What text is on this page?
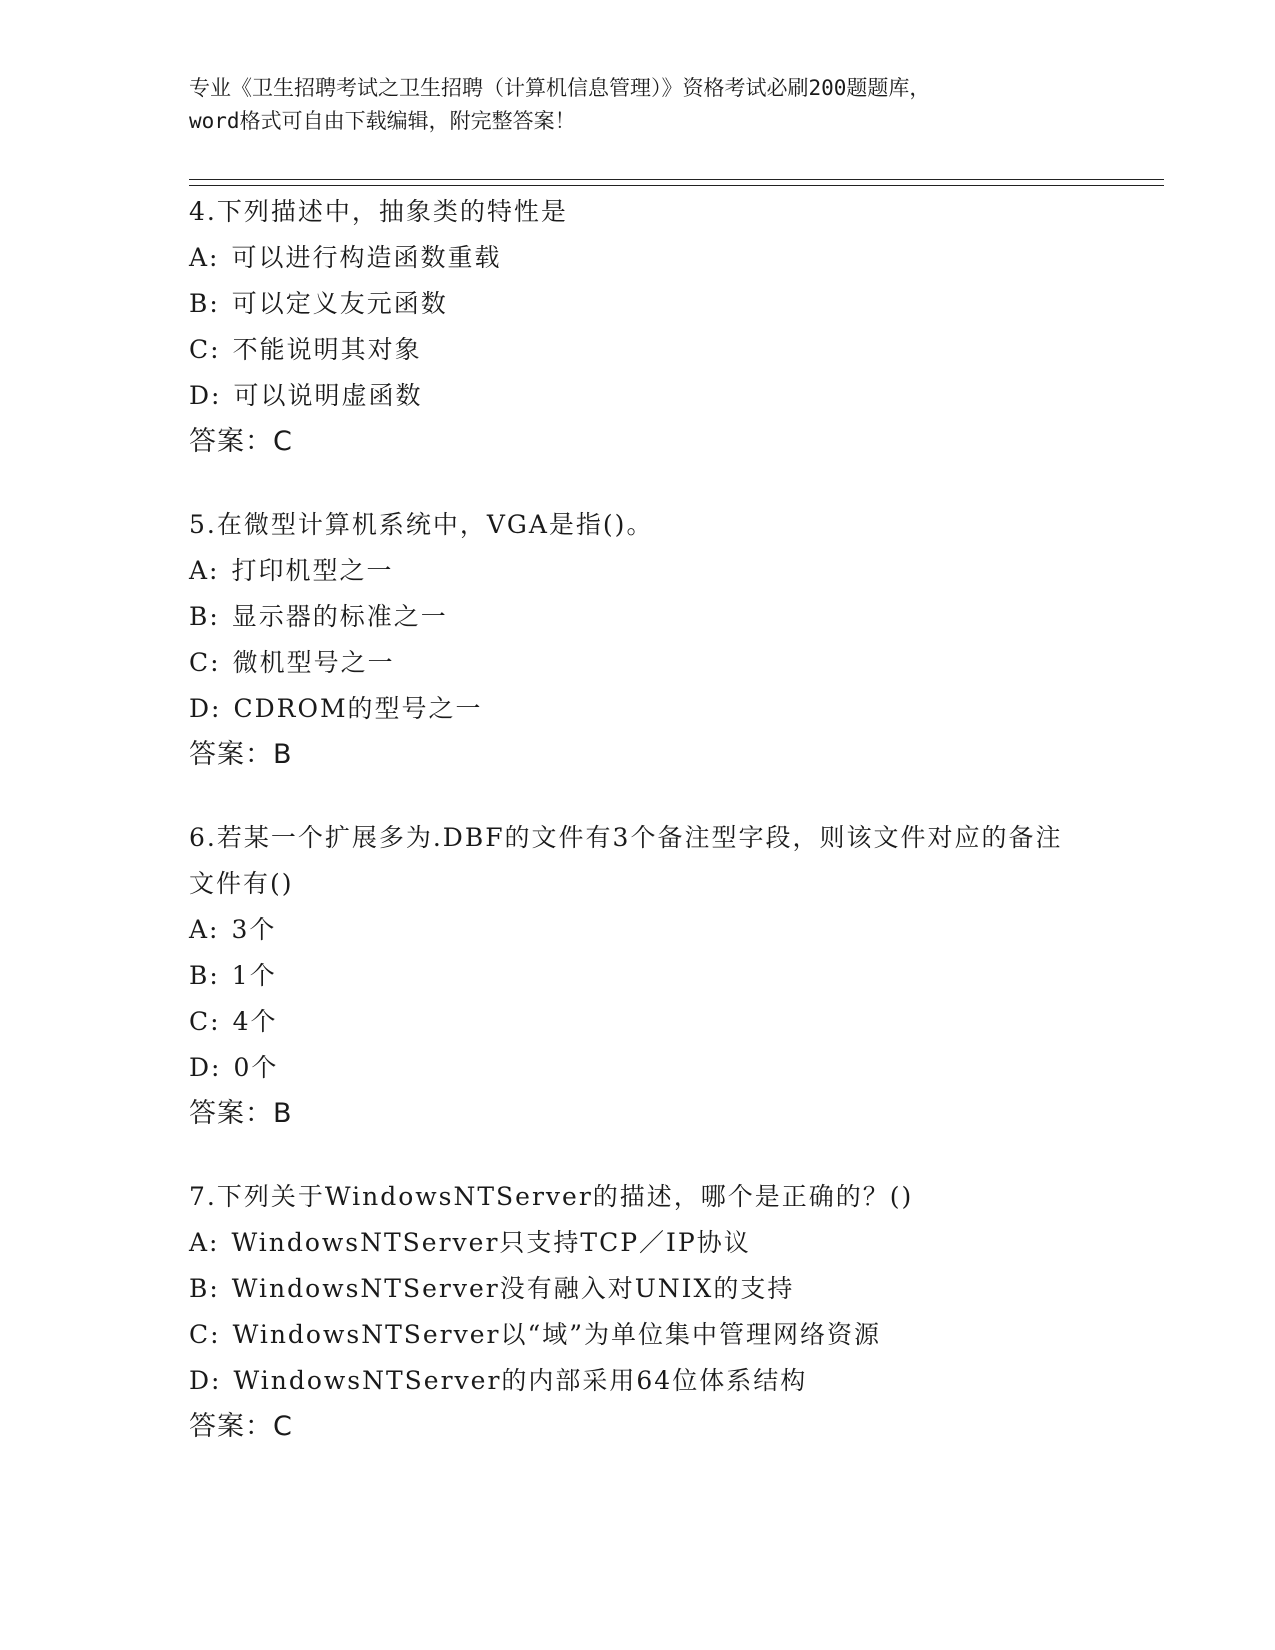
专业《卫生招聘考试之卫生招聘（计算机信息管理）》资格考试必刷200题题库，
word格式可自由下载编辑，附完整答案！
4.下列描述中，抽象类的特性是
A: 可以进行构造函数重载
B: 可以定义友元函数
C: 不能说明其对象
D: 可以说明虚函数
答案：C
5.在微型计算机系统中，VGA是指()。
A: 打印机型之一
B: 显示器的标准之一
C: 微机型号之一
D: CDROM的型号之一
答案：B
6.若某一个扩展多为.DBF的文件有3个备注型字段，则该文件对应的备注文件有()
A: 3个
B: 1个
C: 4个
D: 0个
答案：B
7.下列关于WindowsNTServer的描述，哪个是正确的？()
A: WindowsNTServer只支持TCP／IP协议
B: WindowsNTServer没有融入对UNIX的支持
C: WindowsNTServer以“域”为单位集中管理网络资源
D: WindowsNTServer的内部采用64位体系结构
答案：C
